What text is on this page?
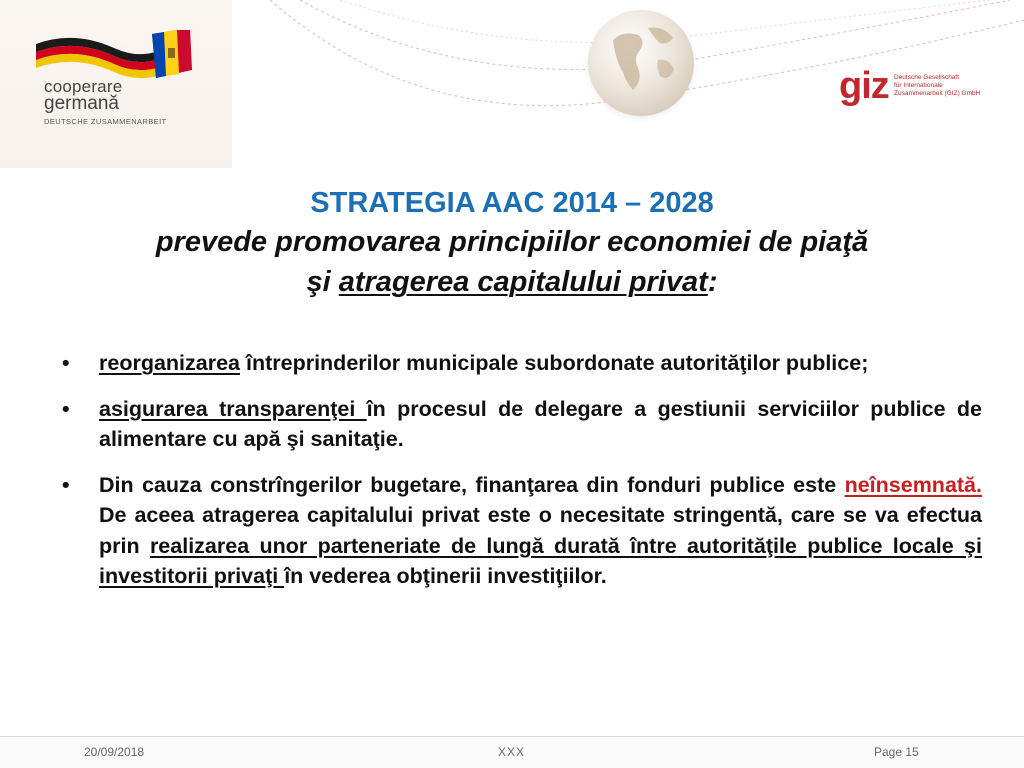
cooperare
germană
DEUTSCHE ZUSAMMENARBEIT
giz Deutsche Gesellschaft
für Internationale
Zusammenarbeit (GIZ) GmbH
STRATEGIA AAC 2014 – 2028
prevede promovarea principiilor economiei de piaţă
şi atragerea capitalului privat:
• reorganizarea întreprinderilor municipale subordonate autorităţilor publice;
• asigurarea transparenţei în procesul de delegare a gestiunii serviciilor publice de alimentare cu apă şi sanitaţie.
• Din cauza constrîngerilor bugetare, finanţarea din fonduri publice este neînsemnată. De aceea atragerea capitalului privat este o necesitate stringentă, care se va efectua prin realizarea unor parteneriate de lungă durată între autorităţile publice locale şi investitorii privaţi în vederea obţinerii investiţiilor.
20/09/2018	XXX	Page 15
